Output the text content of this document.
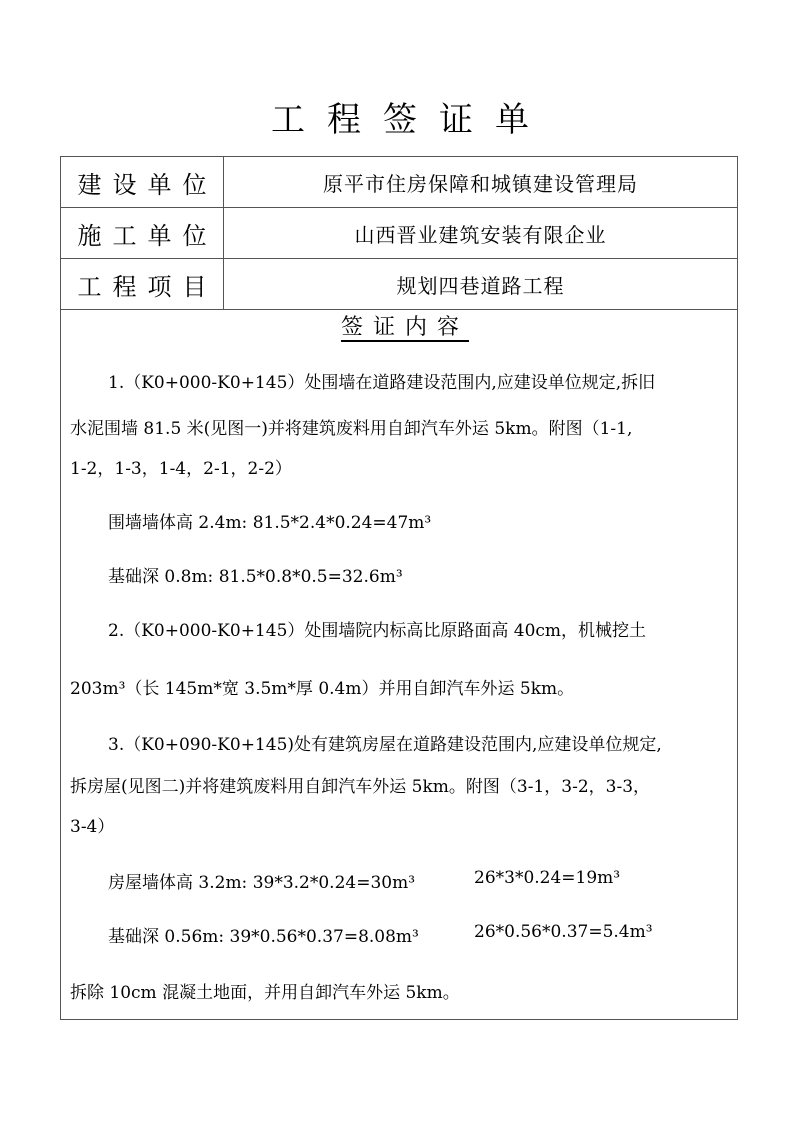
工程签证单
建设单位	原平市住房保障和城镇建设管理局
施工单位	山西晋业建筑安装有限企业
工程项目	规划四巷道路工程
签证内容
1.（K0+000-K0+145）处围墙在道路建设范围内,应建设单位规定,拆旧
水泥围墙 81.5 米(见图一)并将建筑废料用自卸汽车外运 5km。附图（1-1,
1-2，1-3，1-4，2-1，2-2）
围墙墙体高 2.4m: 81.5*2.4*0.24=47m³
基础深 0.8m: 81.5*0.8*0.5=32.6m³
2.（K0+000-K0+145）处围墙院内标高比原路面高 40cm，机械挖土
203m³（长 145m*宽 3.5m*厚 0.4m）并用自卸汽车外运 5km。
3.（K0+090-K0+145)处有建筑房屋在道路建设范围内,应建设单位规定,
拆房屋(见图二)并将建筑废料用自卸汽车外运 5km。附图（3-1，3-2，3-3，
3-4）
房屋墙体高 3.2m: 39*3.2*0.24=30m³	26*3*0.24=19m³
基础深 0.56m: 39*0.56*0.37=8.08m³	26*0.56*0.37=5.4m³
拆除 10cm 混凝土地面，并用自卸汽车外运 5km。
